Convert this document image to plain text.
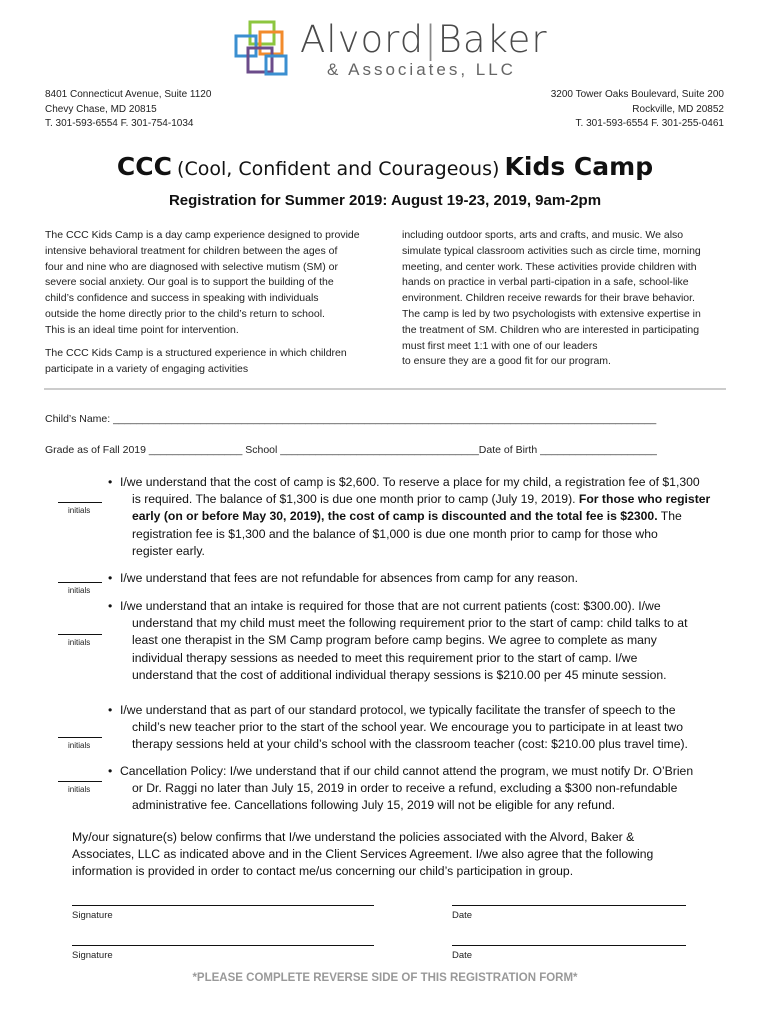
Alvord|Baker
& Associates, LLC
8401 Connecticut Avenue, Suite 1120
Chevy Chase, MD 20815
T. 301-593-6554 F. 301-754-1034
3200 Tower Oaks Boulevard, Suite 200
Rockville, MD 20852
T. 301-593-6554 F. 301-255-0461
CCC (Cool, Confident and Courageous) Kids Camp
Registration for Summer 2019: August 19-23, 2019, 9am-2pm
The CCC Kids Camp is a day camp experience designed to provide
intensive behavioral treatment for children between the ages of
four and nine who are diagnosed with selective mutism (SM) or
severe social anxiety. Our goal is to support the building of the
child’s confidence and success in speaking with individuals
outside the home directly prior to the child’s return to school.
This is an ideal time point for intervention.
The CCC Kids Camp is a structured experience in which children
participate in a variety of engaging activities
including outdoor sports, arts and crafts, and music. We also
simulate typical classroom activities such as circle time, morning
meeting, and center work. These activities provide children with
hands on practice in verbal parti-cipation in a safe, school-like
environment. Children receive rewards for their brave behavior.
The camp is led by two psychologists with extensive expertise in
the treatment of SM. Children who are interested in participating
must first meet 1:1 with one of our leaders
to ensure they are a good fit for our program.
Child’s Name: _____________________________________________________________________________________________
Grade as of Fall 2019 ________________ School __________________________________Date of Birth ____________________
initials
initials
initials
initials
initials
• I/we understand that the cost of camp is $2,600. To reserve a place for my child, a registration fee of $1,300
is required. The balance of $1,300 is due one month prior to camp (July 19, 2019). For those who register
early (on or before May 30, 2019), the cost of camp is discounted and the total fee is $2300. The
registration fee is $1,300 and the balance of $1,000 is due one month prior to camp for those who
register early.
• I/we understand that fees are not refundable for absences from camp for any reason.
• I/we understand that an intake is required for those that are not current patients (cost: $300.00). I/we
understand that my child must meet the following requirement prior to the start of camp: child talks to at
least one therapist in the SM Camp program before camp begins. We agree to complete as many
individual therapy sessions as needed to meet this requirement prior to the start of camp. I/we
understand that the cost of additional individual therapy sessions is $210.00 per 45 minute session.
• I/we understand that as part of our standard protocol, we typically facilitate the transfer of speech to the
child’s new teacher prior to the start of the school year. We encourage you to participate in at least two
therapy sessions held at your child’s school with the classroom teacher (cost: $210.00 plus travel time).
• Cancellation Policy: I/we understand that if our child cannot attend the program, we must notify Dr. O’Brien
or Dr. Raggi no later than July 15, 2019 in order to receive a refund, excluding a $300 non-refundable
administrative fee. Cancellations following July 15, 2019 will not be eligible for any refund.
My/our signature(s) below confirms that I/we understand the policies associated with the Alvord, Baker &
Associates, LLC as indicated above and in the Client Services Agreement. I/we also agree that the following
information is provided in order to contact me/us concerning our child’s participation in group.
Signature	Date
Signature	Date
*PLEASE COMPLETE REVERSE SIDE OF THIS REGISTRATION FORM*
